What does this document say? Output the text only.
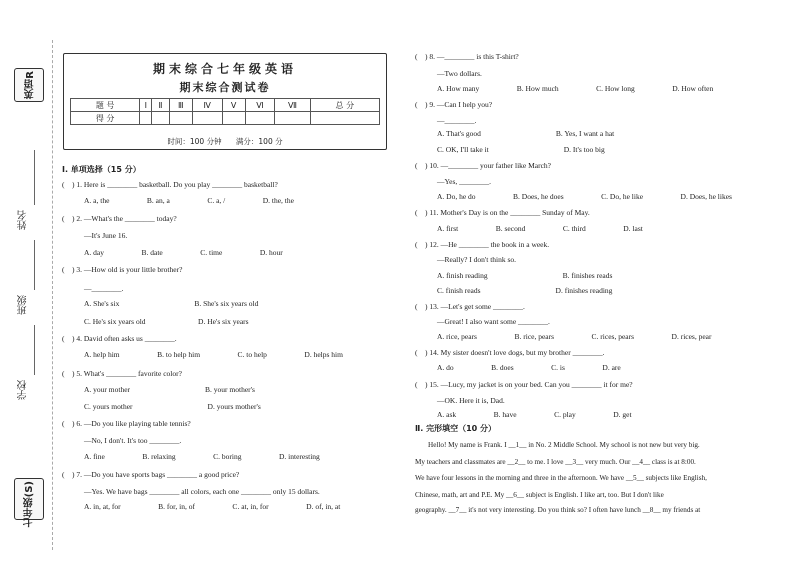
英语R
姓名
班级
学校
七年级(S)
期末综合七年级英语
期末综合测试卷
题 号	I	Ⅱ	Ⅲ	Ⅳ	Ⅴ	Ⅵ	Ⅶ	总 分
得 分								
时间：100 分钟 满分：100 分
I. 单项选择（15 分）
(    ) 1. Here is ________ basketball. Do you play ________ basketball?
A. a, the                    B. an, a                    C. a, /                    D. the, the
(    ) 2. —What's the ________ today?
—It's June 16.
A. day                    B. date                    C. time                    D. hour
(    ) 3. —How old is your little brother?
—________.
A. She's six                                        B. She's six years old
C. He's six years old                            D. He's six years
(    ) 4. David often asks us ________.
A. help him                    B. to help him                    C. to help                    D. helps him
(    ) 5. What's ________ favorite color?
A. your mother                                        B. your mother's
C. yours mother                                        D. yours mother's
(    ) 6. —Do you like playing table tennis?
—No, I don't. It's too ________.
A. fine                    B. relaxing                    C. boring                    D. interesting
(    ) 7. —Do you have sports bags ________ a good price?
—Yes. We have bags ________ all colors, each one ________ only 15 dollars.
A. in, at, for                    B. for, in, of                    C. at, in, for                    D. of, in, at
(    ) 8. —________ is this T-shirt?
—Two dollars.
A. How many                    B. How much                    C. How long                    D. How often
(    ) 9. —Can I help you?
—________.
A. That's good                                        B. Yes, I want a hat
C. OK, I'll take it                                        D. It's too big
(    ) 10. —________ your father like March?
—Yes, ________.
A. Do, he do                    B. Does, he does                    C. Do, he like                    D. Does, he likes
(    ) 11. Mother's Day is on the ________ Sunday of May.
A. first                    B. second                    C. third                    D. last
(    ) 12. —He ________ the book in a week.
—Really? I don't think so.
A. finish reading                                        B. finishes reads
C. finish reads                                        D. finishes reading
(    ) 13. —Let's get some ________.
—Great! I also want some ________.
A. rice, pears                    B. rice, pears                    C. rices, pears                    D. rices, pear
(    ) 14. My sister doesn't love dogs, but my brother ________.
A. do                    B. does                    C. is                    D. are
(    ) 15. —Lucy, my jacket is on your bed. Can you ________ it for me?
—OK. Here it is, Dad.
A. ask                    B. have                    C. play                    D. get
Ⅱ. 完形填空（10 分）
Hello! My name is Frank. I __1__ in No. 2 Middle School. My school is not new but very big.
My teachers and classmates are __2__ to me. I love __3__ very much. Our __4__ class is at 8:00.
We have four lessons in the morning and three in the afternoon. We have __5__ subjects like English,
Chinese, math, art and P.E. My __6__ subject is English. I like art, too. But I don't like
geography. __7__ it's not very interesting. Do you think so? I often have lunch __8__ my friends at
